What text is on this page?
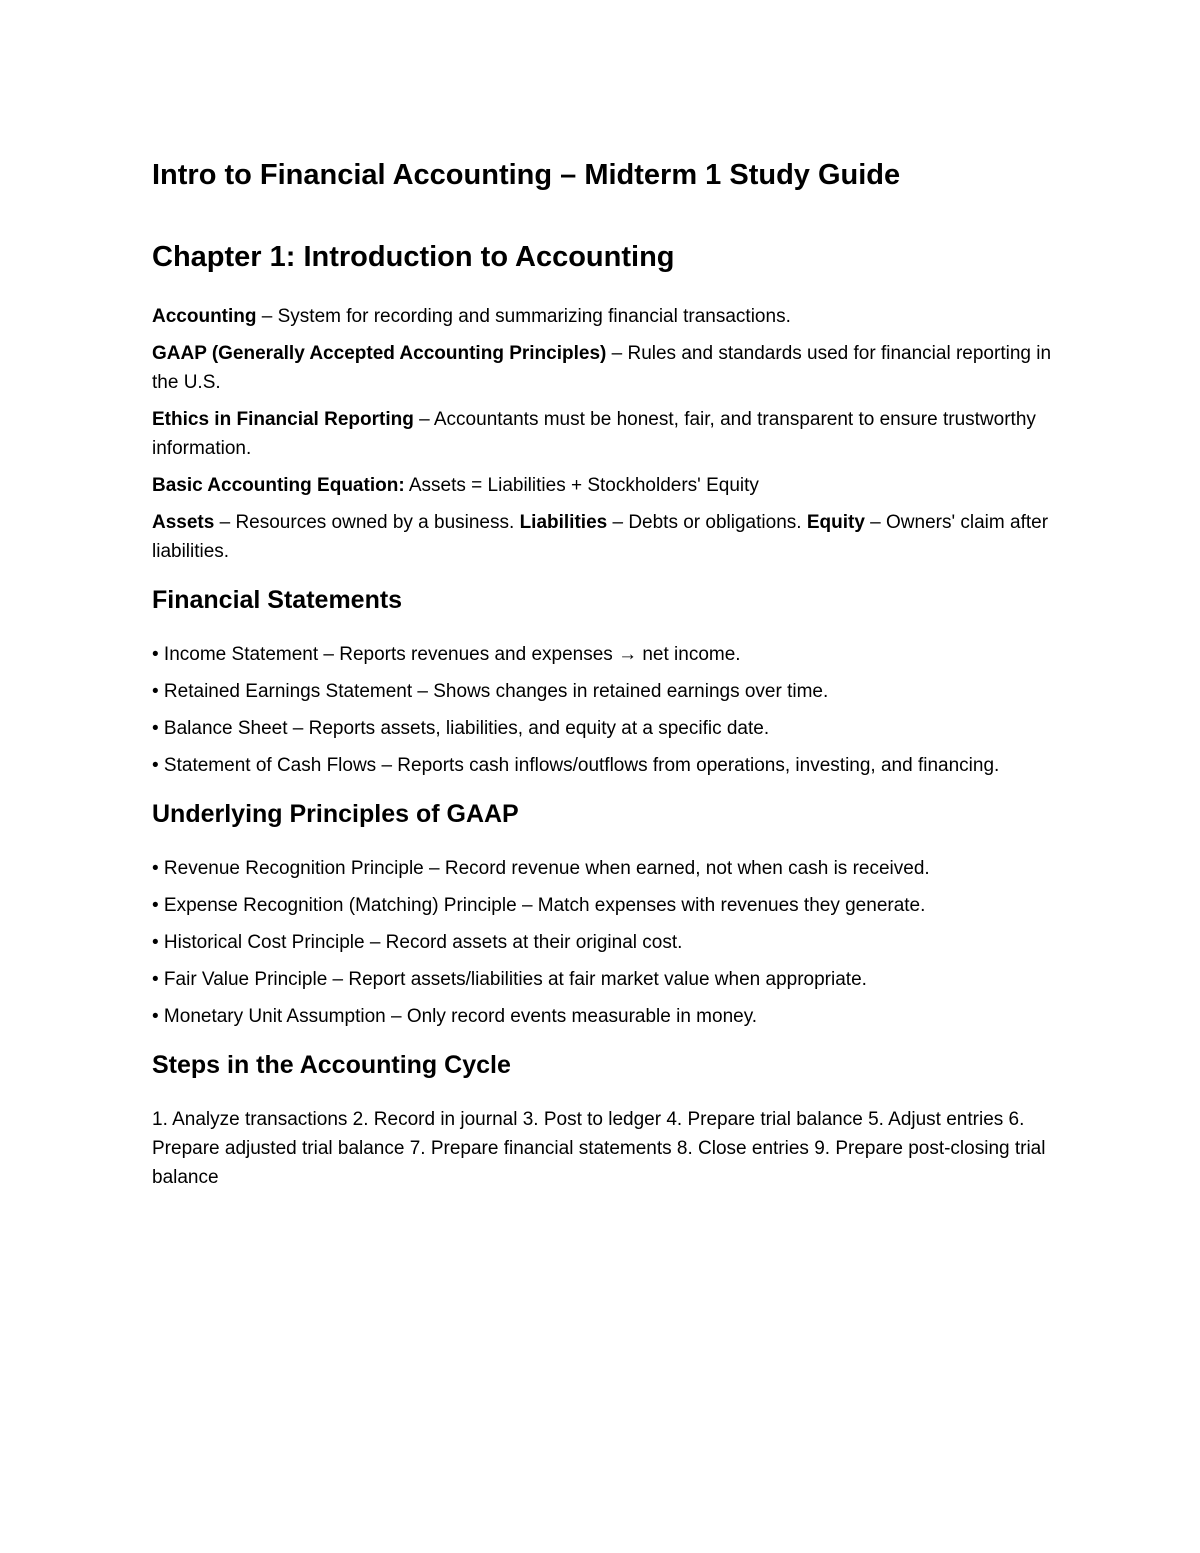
Intro to Financial Accounting – Midterm 1 Study Guide
Chapter 1: Introduction to Accounting

Accounting – System for recording and summarizing financial transactions.

GAAP (Generally Accepted Accounting Principles) – Rules and standards used for financial reporting in the U.S.

Ethics in Financial Reporting – Accountants must be honest, fair, and transparent to ensure trustworthy information.

Basic Accounting Equation: Assets = Liabilities + Stockholders' Equity

Assets – Resources owned by a business. Liabilities – Debts or obligations. Equity – Owners' claim after liabilities.

Financial Statements

• Income Statement – Reports revenues and expenses → net income.

• Retained Earnings Statement – Shows changes in retained earnings over time.

• Balance Sheet – Reports assets, liabilities, and equity at a specific date.

• Statement of Cash Flows – Reports cash inflows/outflows from operations, investing, and financing.

Underlying Principles of GAAP

• Revenue Recognition Principle – Record revenue when earned, not when cash is received.

• Expense Recognition (Matching) Principle – Match expenses with revenues they generate.

• Historical Cost Principle – Record assets at their original cost.

• Fair Value Principle – Report assets/liabilities at fair market value when appropriate.

• Monetary Unit Assumption – Only record events measurable in money.

Steps in the Accounting Cycle

1. Analyze transactions 2. Record in journal 3. Post to ledger 4. Prepare trial balance 5. Adjust entries 6. Prepare adjusted trial balance 7. Prepare financial statements 8. Close entries 9. Prepare post-closing trial balance
